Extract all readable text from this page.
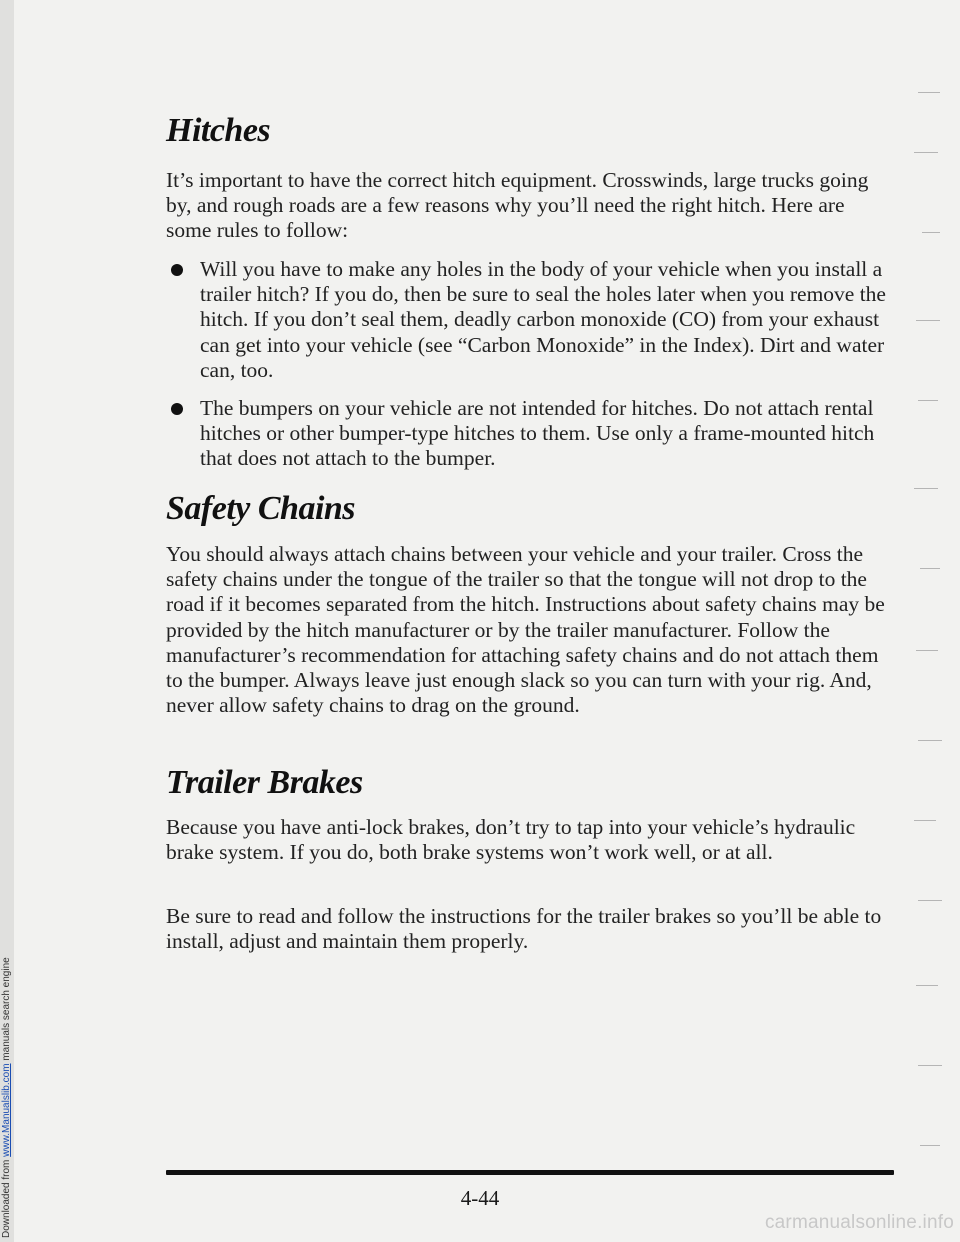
Downloaded from www.Manualslib.com manuals search engine
Hitches

It’s important to have the correct hitch equipment. Crosswinds, large trucks going by, and rough roads are a few reasons why you’ll need the right hitch. Here are some rules to follow:

Will you have to make any holes in the body of your vehicle when you install a trailer hitch? If you do, then be sure to seal the holes later when you remove the hitch. If you don’t seal them, deadly carbon monoxide (CO) from your exhaust can get into your vehicle (see “Carbon Monoxide” in the Index). Dirt and water can, too.

The bumpers on your vehicle are not intended for hitches. Do not attach rental hitches or other bumper-type hitches to them. Use only a frame-mounted hitch that does not attach to the bumper.

Safety Chains

You should always attach chains between your vehicle and your trailer. Cross the safety chains under the tongue of the trailer so that the tongue will not drop to the road if it becomes separated from the hitch. Instructions about safety chains may be provided by the hitch manufacturer or by the trailer manufacturer. Follow the manufacturer’s recommendation for attaching safety chains and do not attach them to the bumper. Always leave just enough slack so you can turn with your rig. And, never allow safety chains to drag on the ground.

Trailer Brakes

Because you have anti-lock brakes, don’t try to tap into your vehicle’s hydraulic brake system. If you do, both brake systems won’t work well, or at all.

Be sure to read and follow the instructions for the trailer brakes so you’ll be able to install, adjust and maintain them properly.

4-44
carmanualsonline.info
